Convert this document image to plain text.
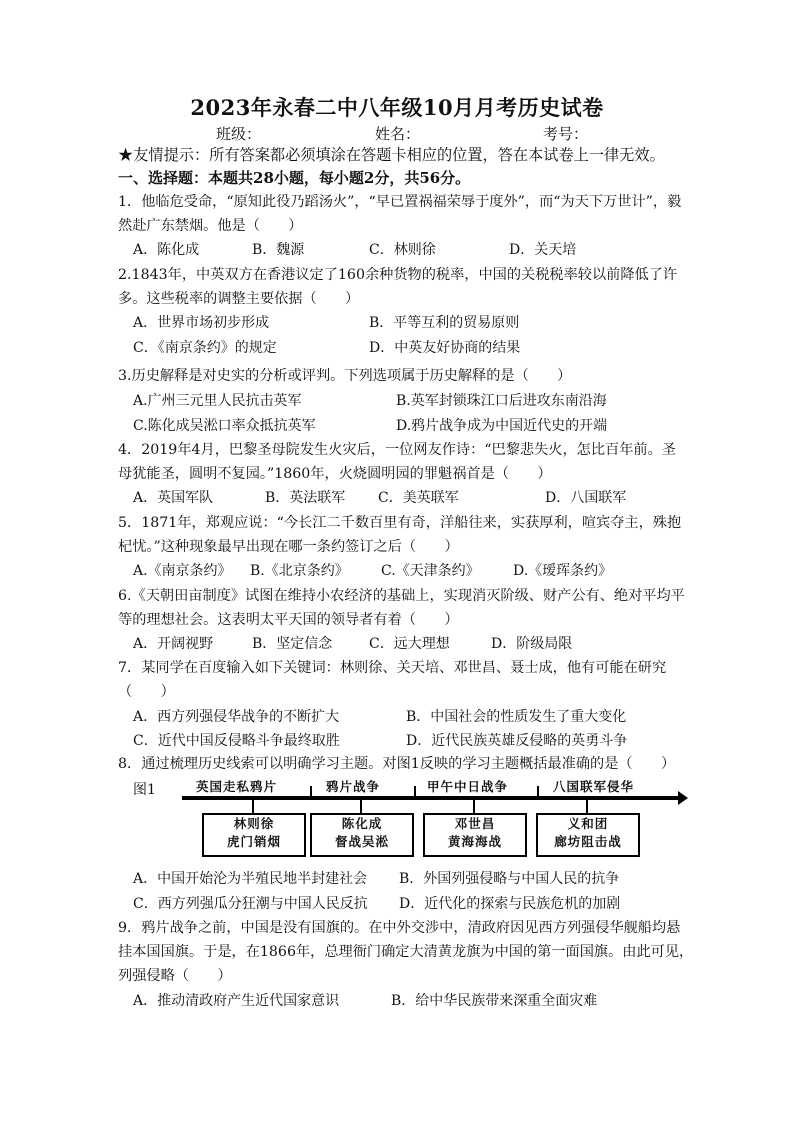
2023年永春二中八年级10月月考历史试卷
班级：	姓名：	考号：
★友情提示：所有答案都必须填涂在答题卡相应的位置，答在本试卷上一律无效。
一、选择题：本题共28小题，每小题2分，共56分。
1．他临危受命，“原知此役乃蹈汤火”，“早已置祸福荣辱于度外”，而“为天下万世计”，毅
然赴广东禁烟。他是（　　）
A．陈化成	B．魏源	C．林则徐	D．关天培
2.1843年，中英双方在香港议定了160余种货物的税率，中国的关税税率较以前降低了许
多。这些税率的调整主要依据（　　）
A．世界市场初步形成	B．平等互利的贸易原则
C．《南京条约》的规定	D．中英友好协商的结果
3.历史解释是对史实的分析或评判。下列选项属于历史解释的是（　　）
A.广州三元里人民抗击英军	B.英军封锁珠江口后进攻东南沿海
C.陈化成吴淞口率众抵抗英军	D.鸦片战争成为中国近代史的开端
4．2019年4月，巴黎圣母院发生火灾后，一位网友作诗：“巴黎悲失火，怎比百年前。圣
母犹能圣，圆明不复园。”1860年，火烧圆明园的罪魁祸首是（　　）
A．英国军队	B．英法联军 C．美英联军	D．八国联军
5．1871年，郑观应说：“今长江二千数百里有奇，洋船往来，实获厚利，喧宾夺主，殊抱
杞忧。”这种现象最早出现在哪一条约签订之后（　　）
A.《南京条约》 B.《北京条约》 C.《天津条约》 D.《瑷珲条约》
6.《天朝田亩制度》试图在维持小农经济的基础上，实现消灭阶级、财产公有、绝对平均平
等的理想社会。这表明太平天国的领导者有着（　　）
A．开阔视野	B．坚定信念	C．远大理想	D．阶级局限
7．某同学在百度输入如下关键词：林则徐、关天培、邓世昌、聂士成，他有可能在研究
（　　）
A．西方列强侵华战争的不断扩大	B．中国社会的性质发生了重大变化
C．近代中国反侵略斗争最终取胜	D．近代民族英雄反侵略的英勇斗争
8．通过梳理历史线索可以明确学习主题。对图1反映的学习主题概括最准确的是（　　）
图1	英国走私鸦片	鸦片战争	甲午中日战争	八国联军侵华
林则徐
虎门销烟
陈化成
督战吴淞
邓世昌
黄海海战
义和团
廊坊阻击战
A．中国开始沦为半殖民地半封建社会 B．外国列强侵略与中国人民的抗争
C．西方列强瓜分狂潮与中国人民反抗 D．近代化的探索与民族危机的加剧
9．鸦片战争之前，中国是没有国旗的。在中外交涉中，清政府因见西方列强侵华舰船均悬
挂本国国旗。于是，在1866年，总理衙门确定大清黄龙旗为中国的第一面国旗。由此可见，
列强侵略（　　）
A．推动清政府产生近代国家意识	B．给中华民族带来深重全面灾难
